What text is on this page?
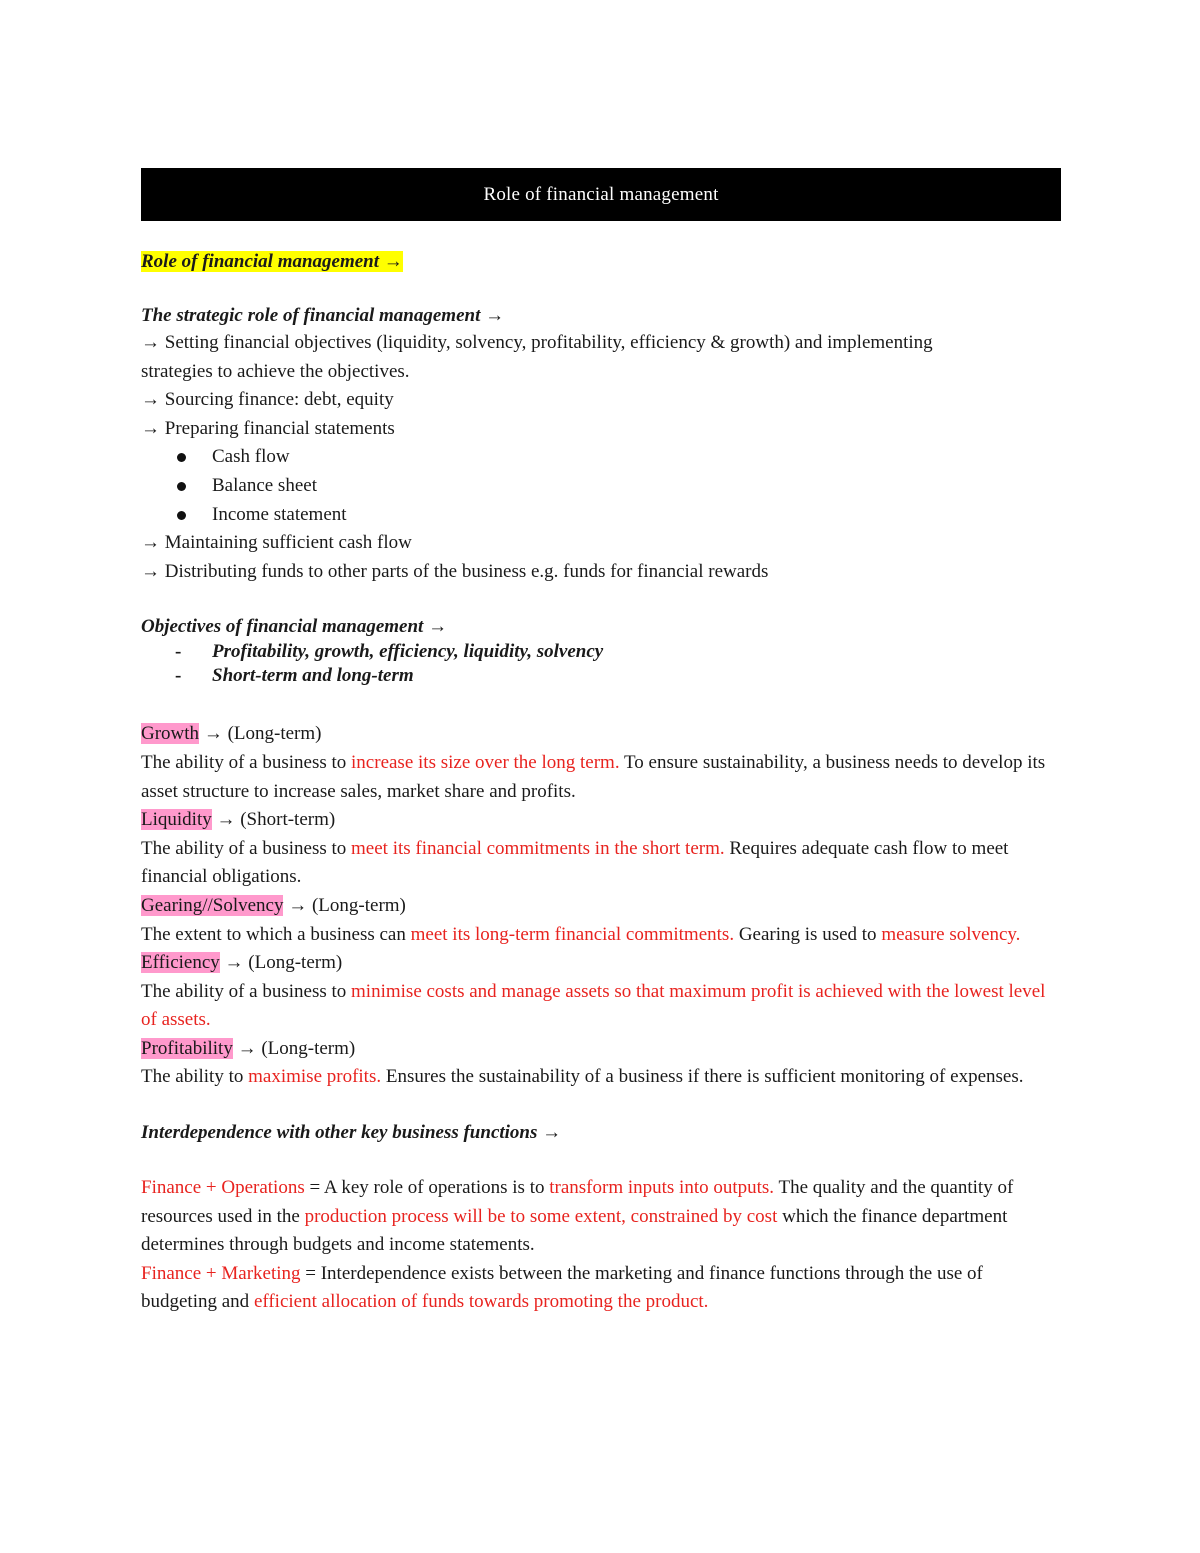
Role of financial management

Role of financial management →

The strategic role of financial management →

→ Setting financial objectives (liquidity, solvency, profitability, efficiency & growth) and implementing

strategies to achieve the objectives.

→ Sourcing finance: debt, equity

→ Preparing financial statements

Cash flow
Balance sheet
Income statement

→ Maintaining sufficient cash flow

→ Distributing funds to other parts of the business e.g. funds for financial rewards

Objectives of financial management →

- Profitability, growth, efficiency, liquidity, solvency
- Short-term and long-term

Growth → (Long-term)

The ability of a business to increase its size over the long term. To ensure sustainability, a business needs to develop its asset structure to increase sales, market share and profits.

Liquidity → (Short-term)

The ability of a business to meet its financial commitments in the short term. Requires adequate cash flow to meet financial obligations.

Gearing//Solvency → (Long-term)

The extent to which a business can meet its long-term financial commitments. Gearing is used to measure solvency.

Efficiency → (Long-term)

The ability of a business to minimise costs and manage assets so that maximum profit is achieved with the lowest level of assets.

Profitability → (Long-term)

The ability to maximise profits. Ensures the sustainability of a business if there is sufficient monitoring of expenses.

Interdependence with other key business functions →

Finance + Operations = A key role of operations is to transform inputs into outputs. The quality and the quantity of resources used in the production process will be to some extent, constrained by cost which the finance department determines through budgets and income statements.

Finance + Marketing = Interdependence exists between the marketing and finance functions through the use of budgeting and efficient allocation of funds towards promoting the product.
